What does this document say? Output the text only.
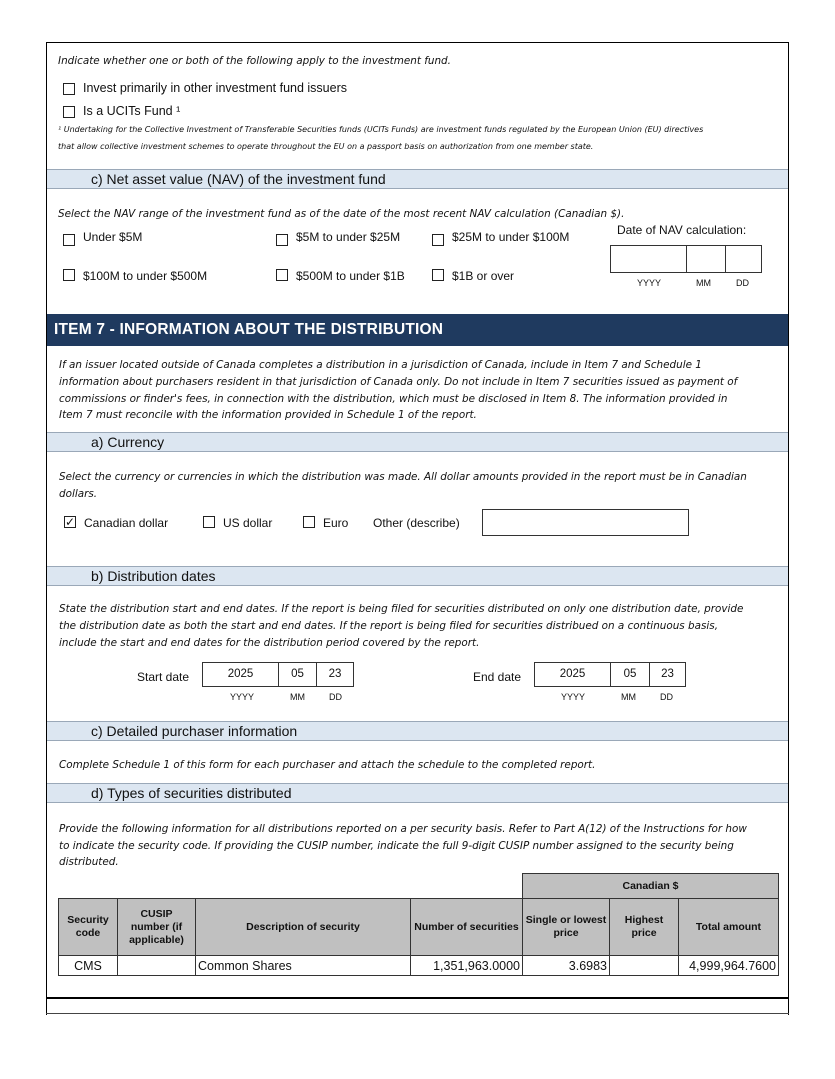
Indicate whether one or both of the following apply to the investment fund.
Invest primarily in other investment fund issuers
Is a UCITs Fund ¹
¹ Undertaking for the Collective Investment of Transferable Securities funds (UCITs Funds) are investment funds regulated by the European Union (EU) directives
that allow collective investment schemes to operate throughout the EU on a passport basis on authorization from one member state.
c) Net asset value (NAV) of the investment fund
Select the NAV range of the investment fund as of the date of the most recent NAV calculation (Canadian $).
Under $5M	$5M to under $25M	$25M to under $100M
$100M to under $500M	$500M to under $1B	$1B or over
Date of NAV calculation:
YYYY	MM	DD
ITEM 7 - INFORMATION ABOUT THE DISTRIBUTION
If an issuer located outside of Canada completes a distribution in a jurisdiction of Canada, include in Item 7 and Schedule 1
information about purchasers resident in that jurisdiction of Canada only. Do not include in Item 7 securities issued as payment of
commissions or finder's fees, in connection with the distribution, which must be disclosed in Item 8. The information provided in
Item 7 must reconcile with the information provided in Schedule 1 of the report.
a) Currency
Select the currency or currencies in which the distribution was made. All dollar amounts provided in the report must be in Canadian
dollars.
✓ Canadian dollar	US dollar	Euro Other (describe)
b) Distribution dates
State the distribution start and end dates. If the report is being filed for securities distributed on only one distribution date, provide
the distribution date as both the start and end dates. If the report is being filed for securities distribued on a continuous basis,
include the start and end dates for the distribution period covered by the report.
Start date	2025	05	23
YYYY	MM	DD
End date	2025	05	23
YYYY	MM	DD
c) Detailed purchaser information
Complete Schedule 1 of this form for each purchaser and attach the schedule to the completed report.
d) Types of securities distributed
Provide the following information for all distributions reported on a per security basis. Refer to Part A(12) of the Instructions for how
to indicate the security code. If providing the CUSIP number, indicate the full 9-digit CUSIP number assigned to the security being
distributed.
				Canadian $		
Security code	CUSIP number (if applicable)	Description of security	Number of securities	Single or lowest price	Highest price	Total amount
CMS		Common Shares	1,351,963.0000	3.6983		4,999,964.7600
